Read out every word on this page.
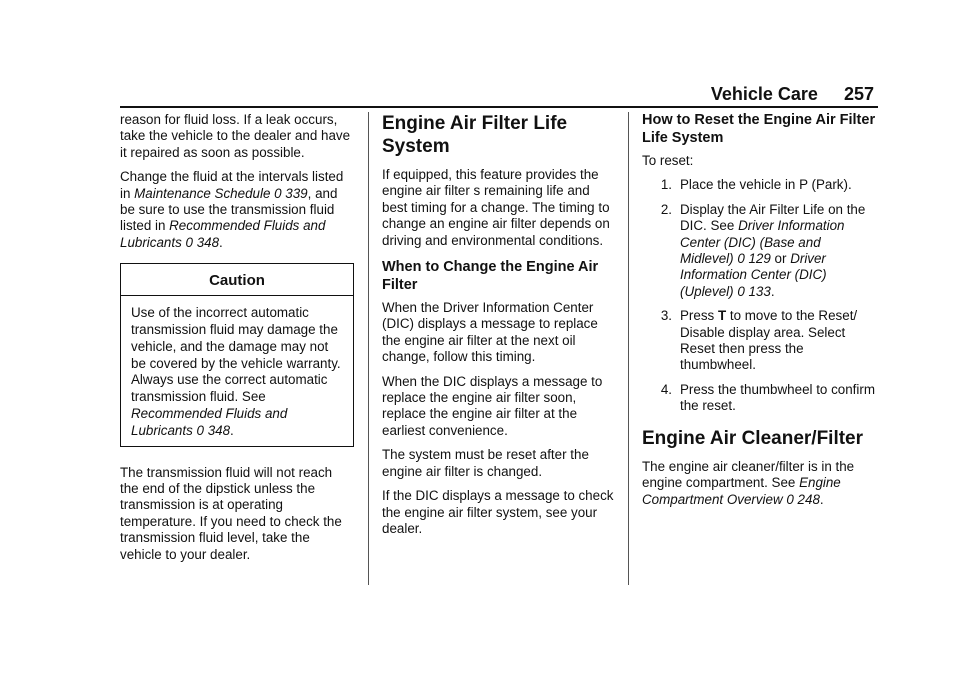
Vehicle Care 257

reason for fluid loss. If a leak occurs, take the vehicle to the dealer and have it repaired as soon as possible.

Change the fluid at the intervals listed in Maintenance Schedule 0 339, and be sure to use the transmission fluid listed in Recommended Fluids and Lubricants 0 348.

Caution
Use of the incorrect automatic transmission fluid may damage the vehicle, and the damage may not be covered by the vehicle warranty. Always use the correct automatic transmission fluid. See Recommended Fluids and Lubricants 0 348.

The transmission fluid will not reach the end of the dipstick unless the transmission is at operating temperature. If you need to check the transmission fluid level, take the vehicle to your dealer.

Engine Air Filter Life System

If equipped, this feature provides the engine air filter s remaining life and best timing for a change. The timing to change an engine air filter depends on driving and environmental conditions.

When to Change the Engine Air Filter

When the Driver Information Center (DIC) displays a message to replace the engine air filter at the next oil change, follow this timing.

When the DIC displays a message to replace the engine air filter soon, replace the engine air filter at the earliest convenience.

The system must be reset after the engine air filter is changed.

If the DIC displays a message to check the engine air filter system, see your dealer.

How to Reset the Engine Air Filter Life System

To reset:

1. Place the vehicle in P (Park).
2. Display the Air Filter Life on the DIC. See Driver Information Center (DIC) (Base and Midlevel) 0 129 or Driver Information Center (DIC) (Uplevel) 0 133.
3. Press T to move to the Reset/ Disable display area. Select Reset then press the thumbwheel.
4. Press the thumbwheel to confirm the reset.
Engine Air Cleaner/Filter

The engine air cleaner/filter is in the engine compartment. See Engine Compartment Overview 0 248.
